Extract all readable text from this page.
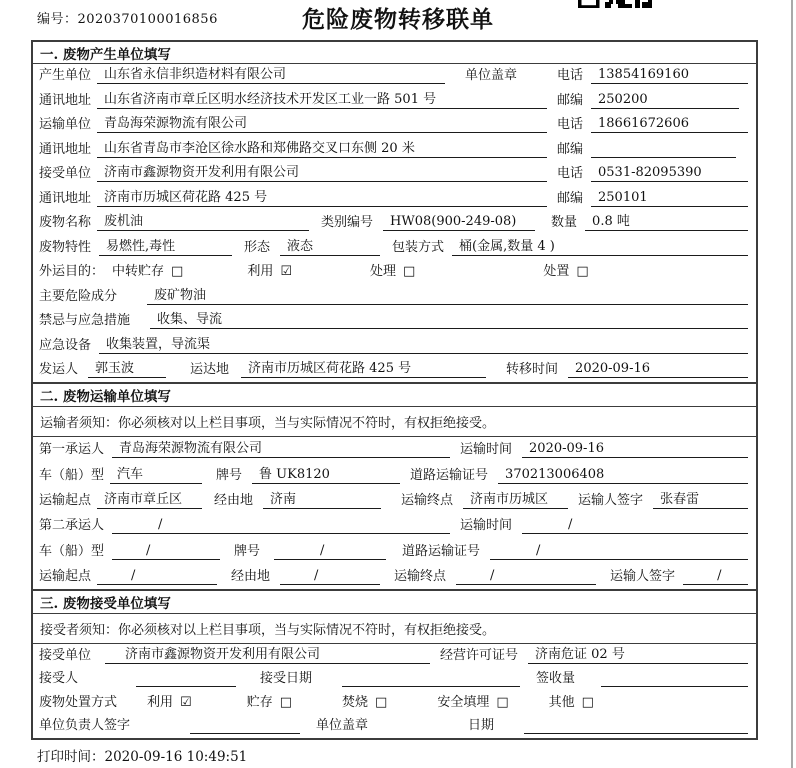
编号：2020370100016856	危险废物转移联单
一. 废物产生单位填写
产生单位	山东省永信非织造材料有限公司	单位盖章	电话	13854169160
通讯地址	山东省济南市章丘区明水经济技术开发区工业一路 501 号	邮编	250200
运输单位	青岛海荣源物流有限公司	电话	18661672606
通讯地址	山东省青岛市李沧区徐水路和郑佛路交叉口东侧 20 米	邮编
接受单位	济南市鑫源物资开发利用有限公司	电话	0531-82095390
通讯地址	济南市历城区荷花路 425 号	邮编	250101
废物名称	废机油	类别编号	HW08(900-249-08)	数量	0.8 吨
废物特性	易燃性,毒性	形态	液态	包装方式	桶(金属,数量 4 )
外运目的： 中转贮存 □	利用 ☑	处理 □	处置 □
主要危险成分	废矿物油
禁忌与应急措施	收集、导流
应急设备	收集装置，导流渠
发运人	郭玉波	运达地	济南市历城区荷花路 425 号	转移时间	2020-09-16
二. 废物运输单位填写
运输者须知：你必须核对以上栏目事项，当与实际情况不符时，有权拒绝接受。
第一承运人	青岛海荣源物流有限公司	运输时间	2020-09-16
车（船）型	汽车	牌号	鲁 UK8120	道路运输证号	370213006408
运输起点	济南市章丘区	经由地	济南	运输终点	济南市历城区	运输人签字	张春雷
第二承运人	/	运输时间	/
车（船）型	/	牌号	/	道路运输证号	/
运输起点	/	经由地	/	运输终点	/	运输人签字	/
三. 废物接受单位填写
接受者须知：你必须核对以上栏目事项，当与实际情况不符时，有权拒绝接受。
接受单位	济南市鑫源物资开发利用有限公司	经营许可证号	济南危证 02 号
接受人	接受日期	签收量
废物处置方式 利用 ☑	贮存 □	焚烧 □	安全填埋 □	其他 □
单位负责人签字	单位盖章	日期
打印时间：2020-09-16 10:49:51
